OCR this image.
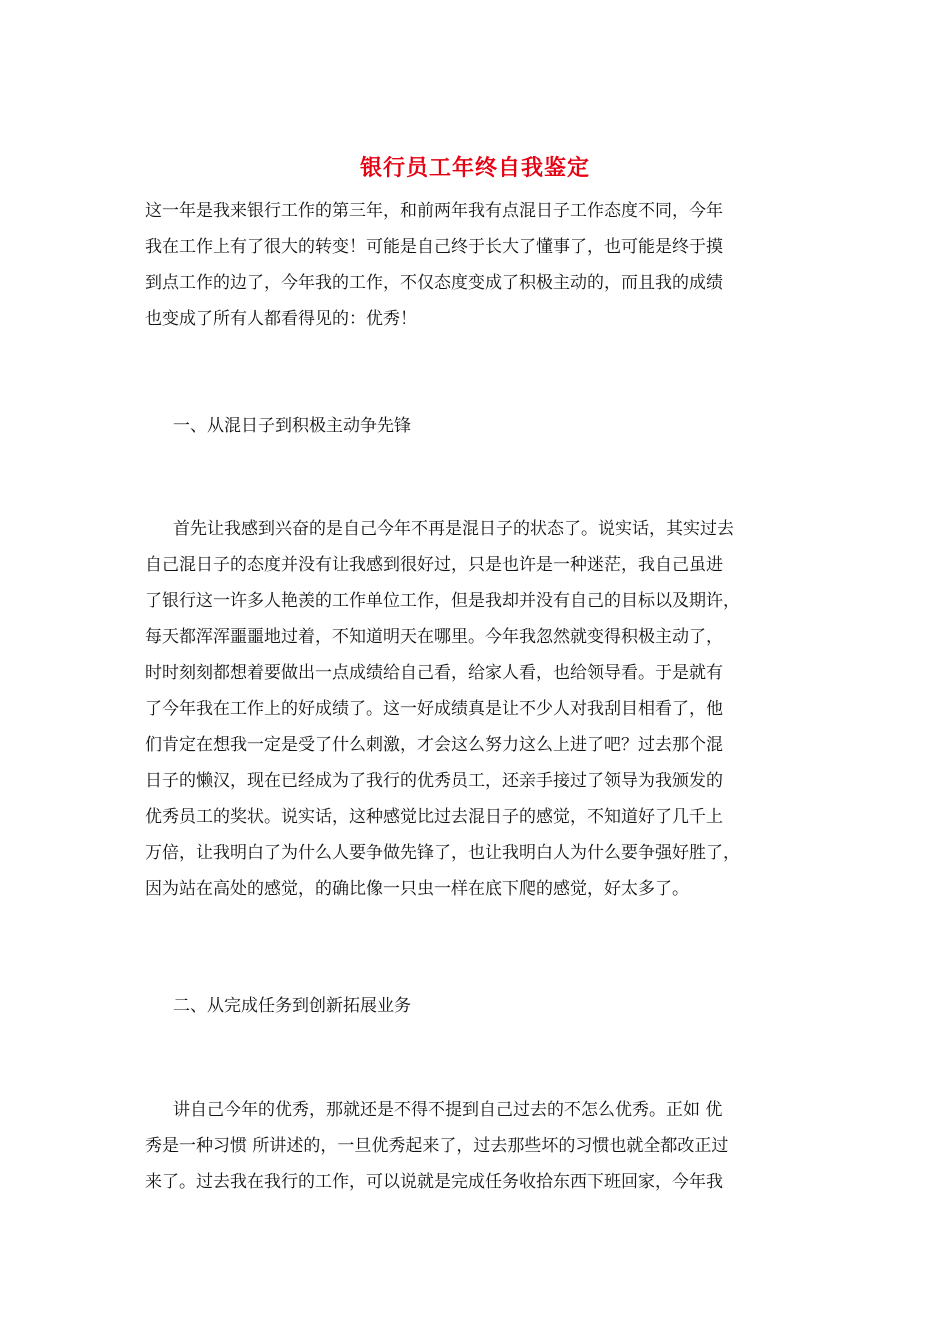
银行员工年终自我鉴定
这一年是我来银行工作的第三年，和前两年我有点混日子工作态度不同，今年
我在工作上有了很大的转变！可能是自己终于长大了懂事了，也可能是终于摸
到点工作的边了，今年我的工作，不仅态度变成了积极主动的，而且我的成绩
也变成了所有人都看得见的：优秀！
一、从混日子到积极主动争先锋
首先让我感到兴奋的是自己今年不再是混日子的状态了。说实话，其实过去
自己混日子的态度并没有让我感到很好过，只是也许是一种迷茫，我自己虽进
了银行这一许多人艳羡的工作单位工作，但是我却并没有自己的目标以及期许，
每天都浑浑噩噩地过着，不知道明天在哪里。今年我忽然就变得积极主动了，
时时刻刻都想着要做出一点成绩给自己看，给家人看，也给领导看。于是就有
了今年我在工作上的好成绩了。这一好成绩真是让不少人对我刮目相看了，他
们肯定在想我一定是受了什么刺激，才会这么努力这么上进了吧？过去那个混
日子的懒汉，现在已经成为了我行的优秀员工，还亲手接过了领导为我颁发的
优秀员工的奖状。说实话，这种感觉比过去混日子的感觉，不知道好了几千上
万倍，让我明白了为什么人要争做先锋了，也让我明白人为什么要争强好胜了，
因为站在高处的感觉，的确比像一只虫一样在底下爬的感觉，好太多了。
二、从完成任务到创新拓展业务
讲自己今年的优秀，那就还是不得不提到自己过去的不怎么优秀。正如 优
秀是一种习惯 所讲述的，一旦优秀起来了，过去那些坏的习惯也就全都改正过
来了。过去我在我行的工作，可以说就是完成任务收拾东西下班回家，今年我
